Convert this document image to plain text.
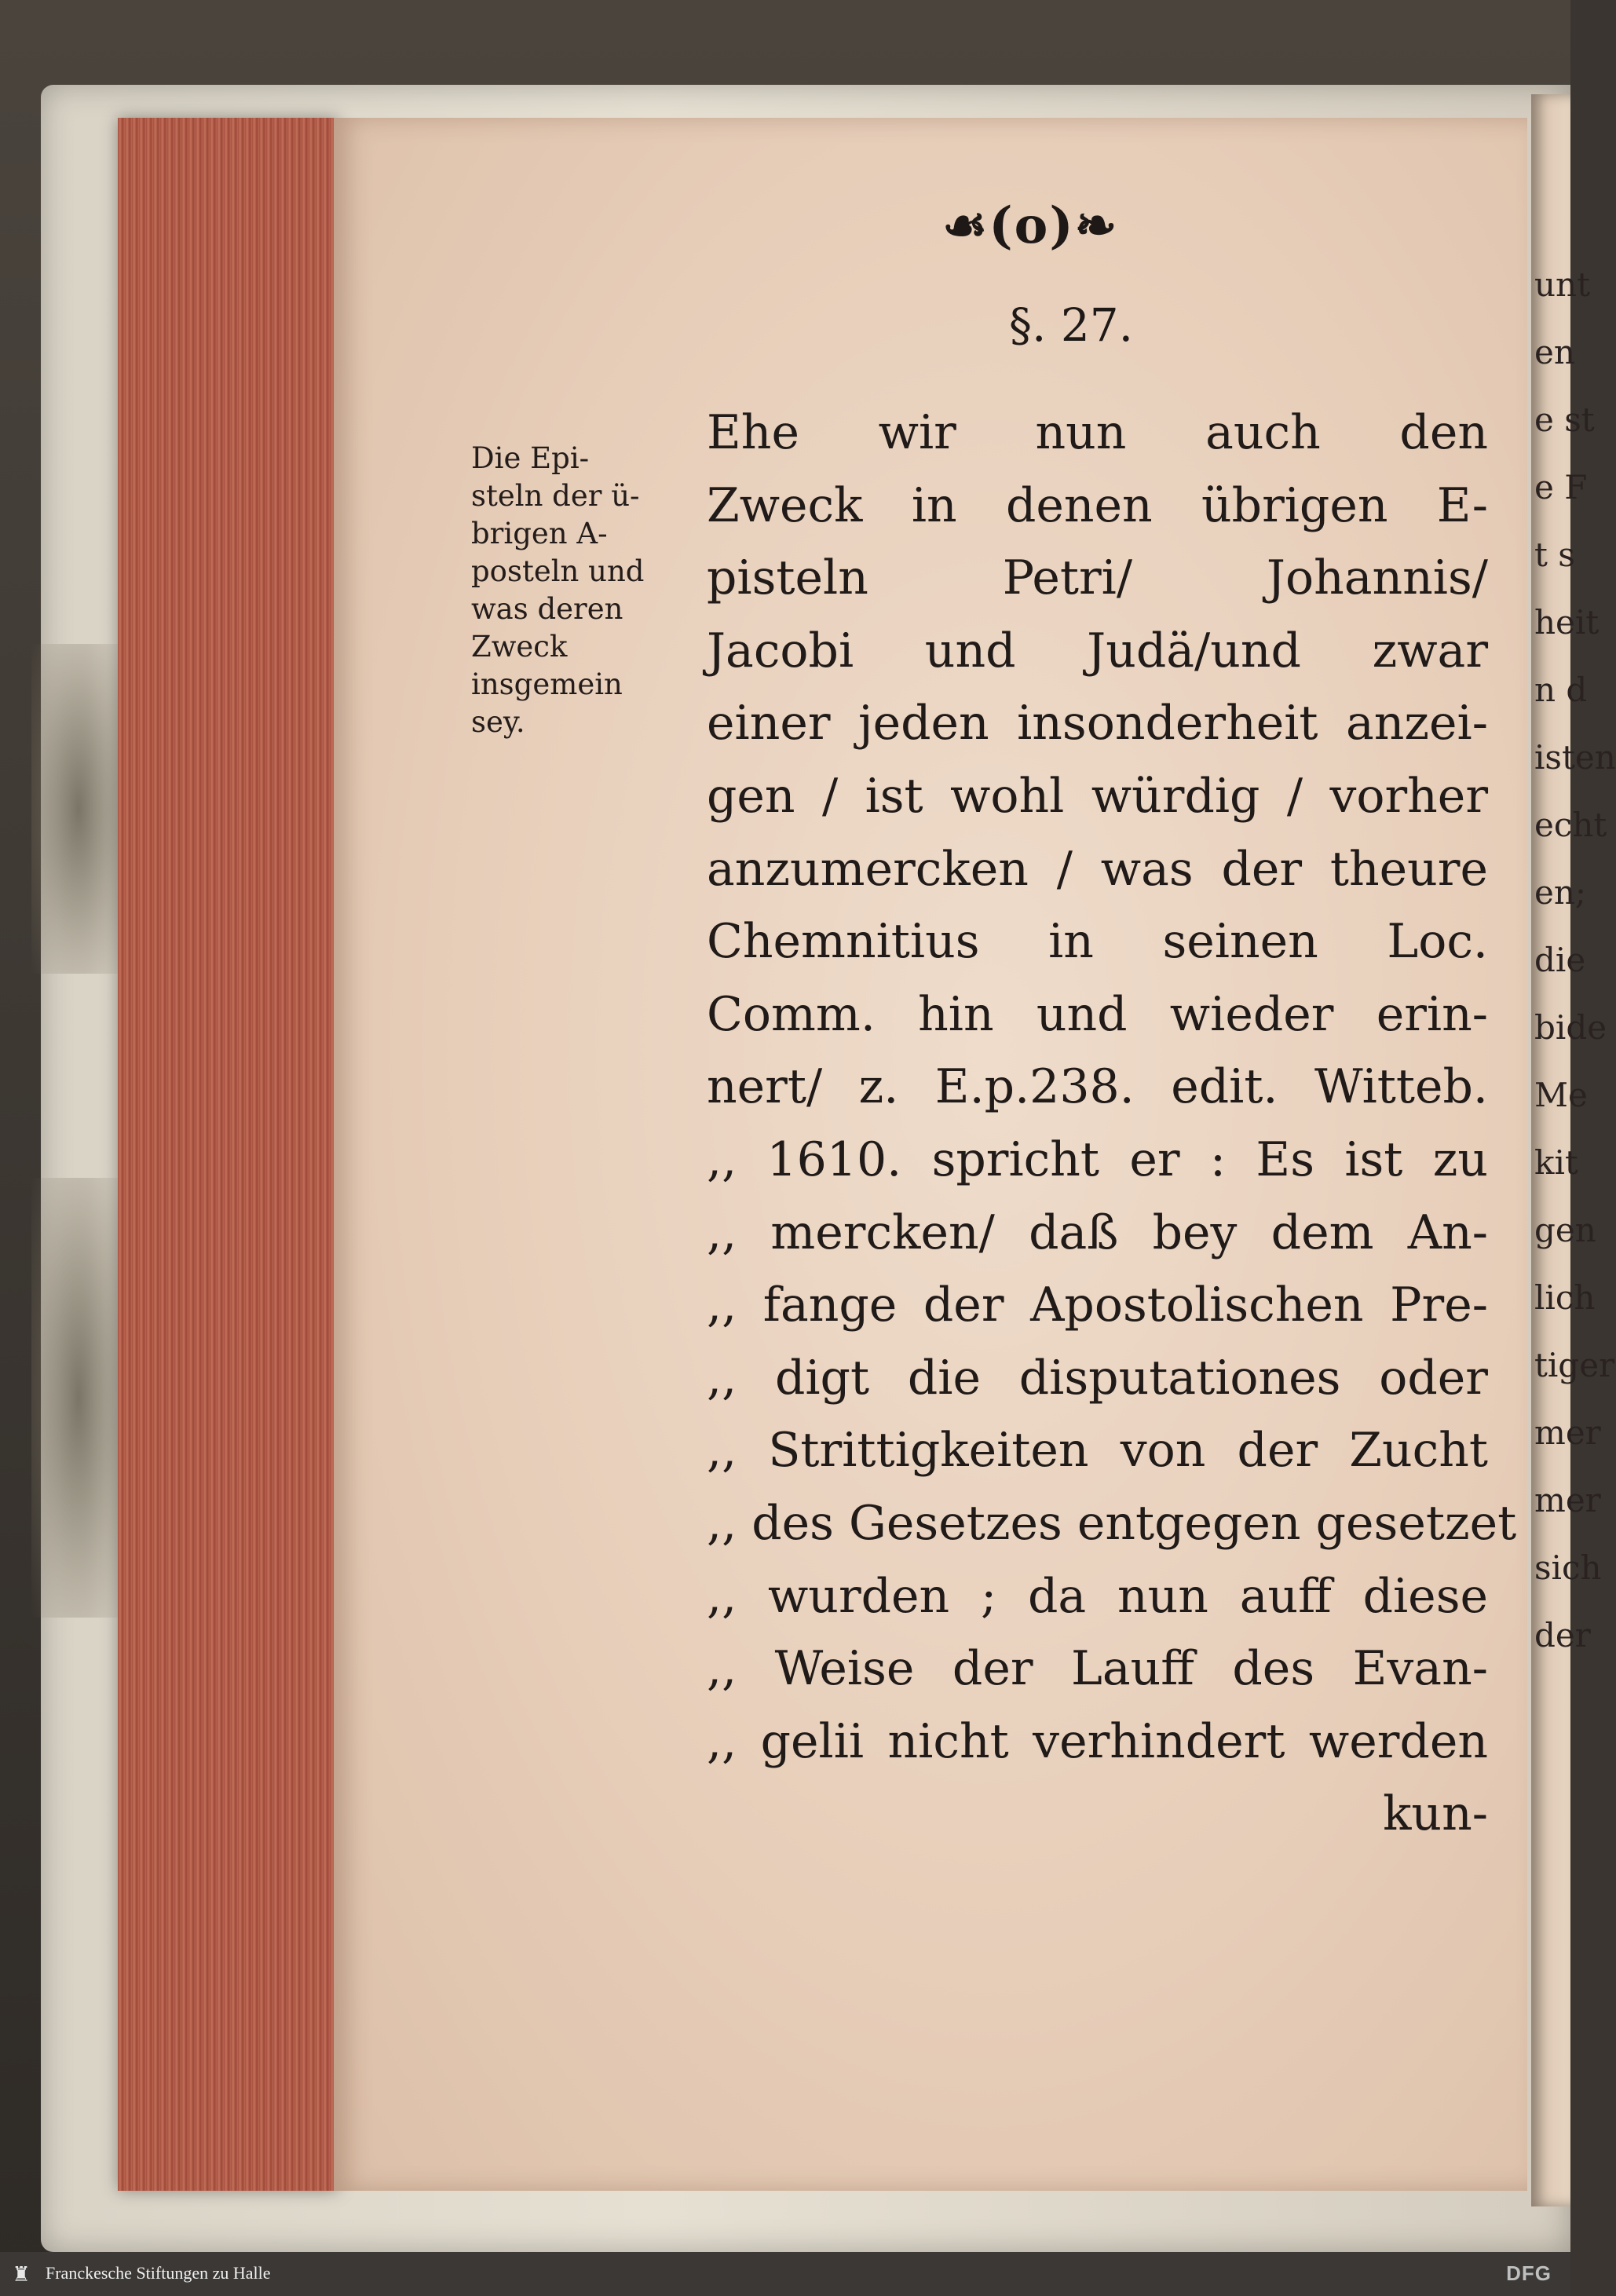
unt
en
e st
e F
t s
heit
n d
isten
echt
en;
die
bide
Me
kit
gen
lich
tiger
mer
mer
sich
der
☙(o)❧
§. 27.
Die Epi-
steln der ü-
brigen A-
posteln und
was deren
Zweck
insgemein
sey.
Ehe wir nun auch den
Zweck in denen übrigen E-
pisteln Petri/ Johannis/
Jacobi und Judä/und zwar
einer jeden insonderheit anzei-
gen / ist wohl würdig / vorher
anzumercken / was der theure
Chemnitius in seinen Loc.
Comm. hin und wieder erin-
nert/ z. E.p.238. edit. Witteb.
,, 1610. spricht er : Es ist zu
,, mercken/ daß bey dem An-
,, fange der Apostolischen Pre-
,, digt die disputationes oder
,, Strittigkeiten von der Zucht
,, des Gesetzes entgegen gesetzet
,, wurden ; da nun auff diese
,, Weise der Lauff des Evan-
,, gelii nicht verhindert werden
kun-
♜ Franckesche Stiftungen zu Halle	DFG
